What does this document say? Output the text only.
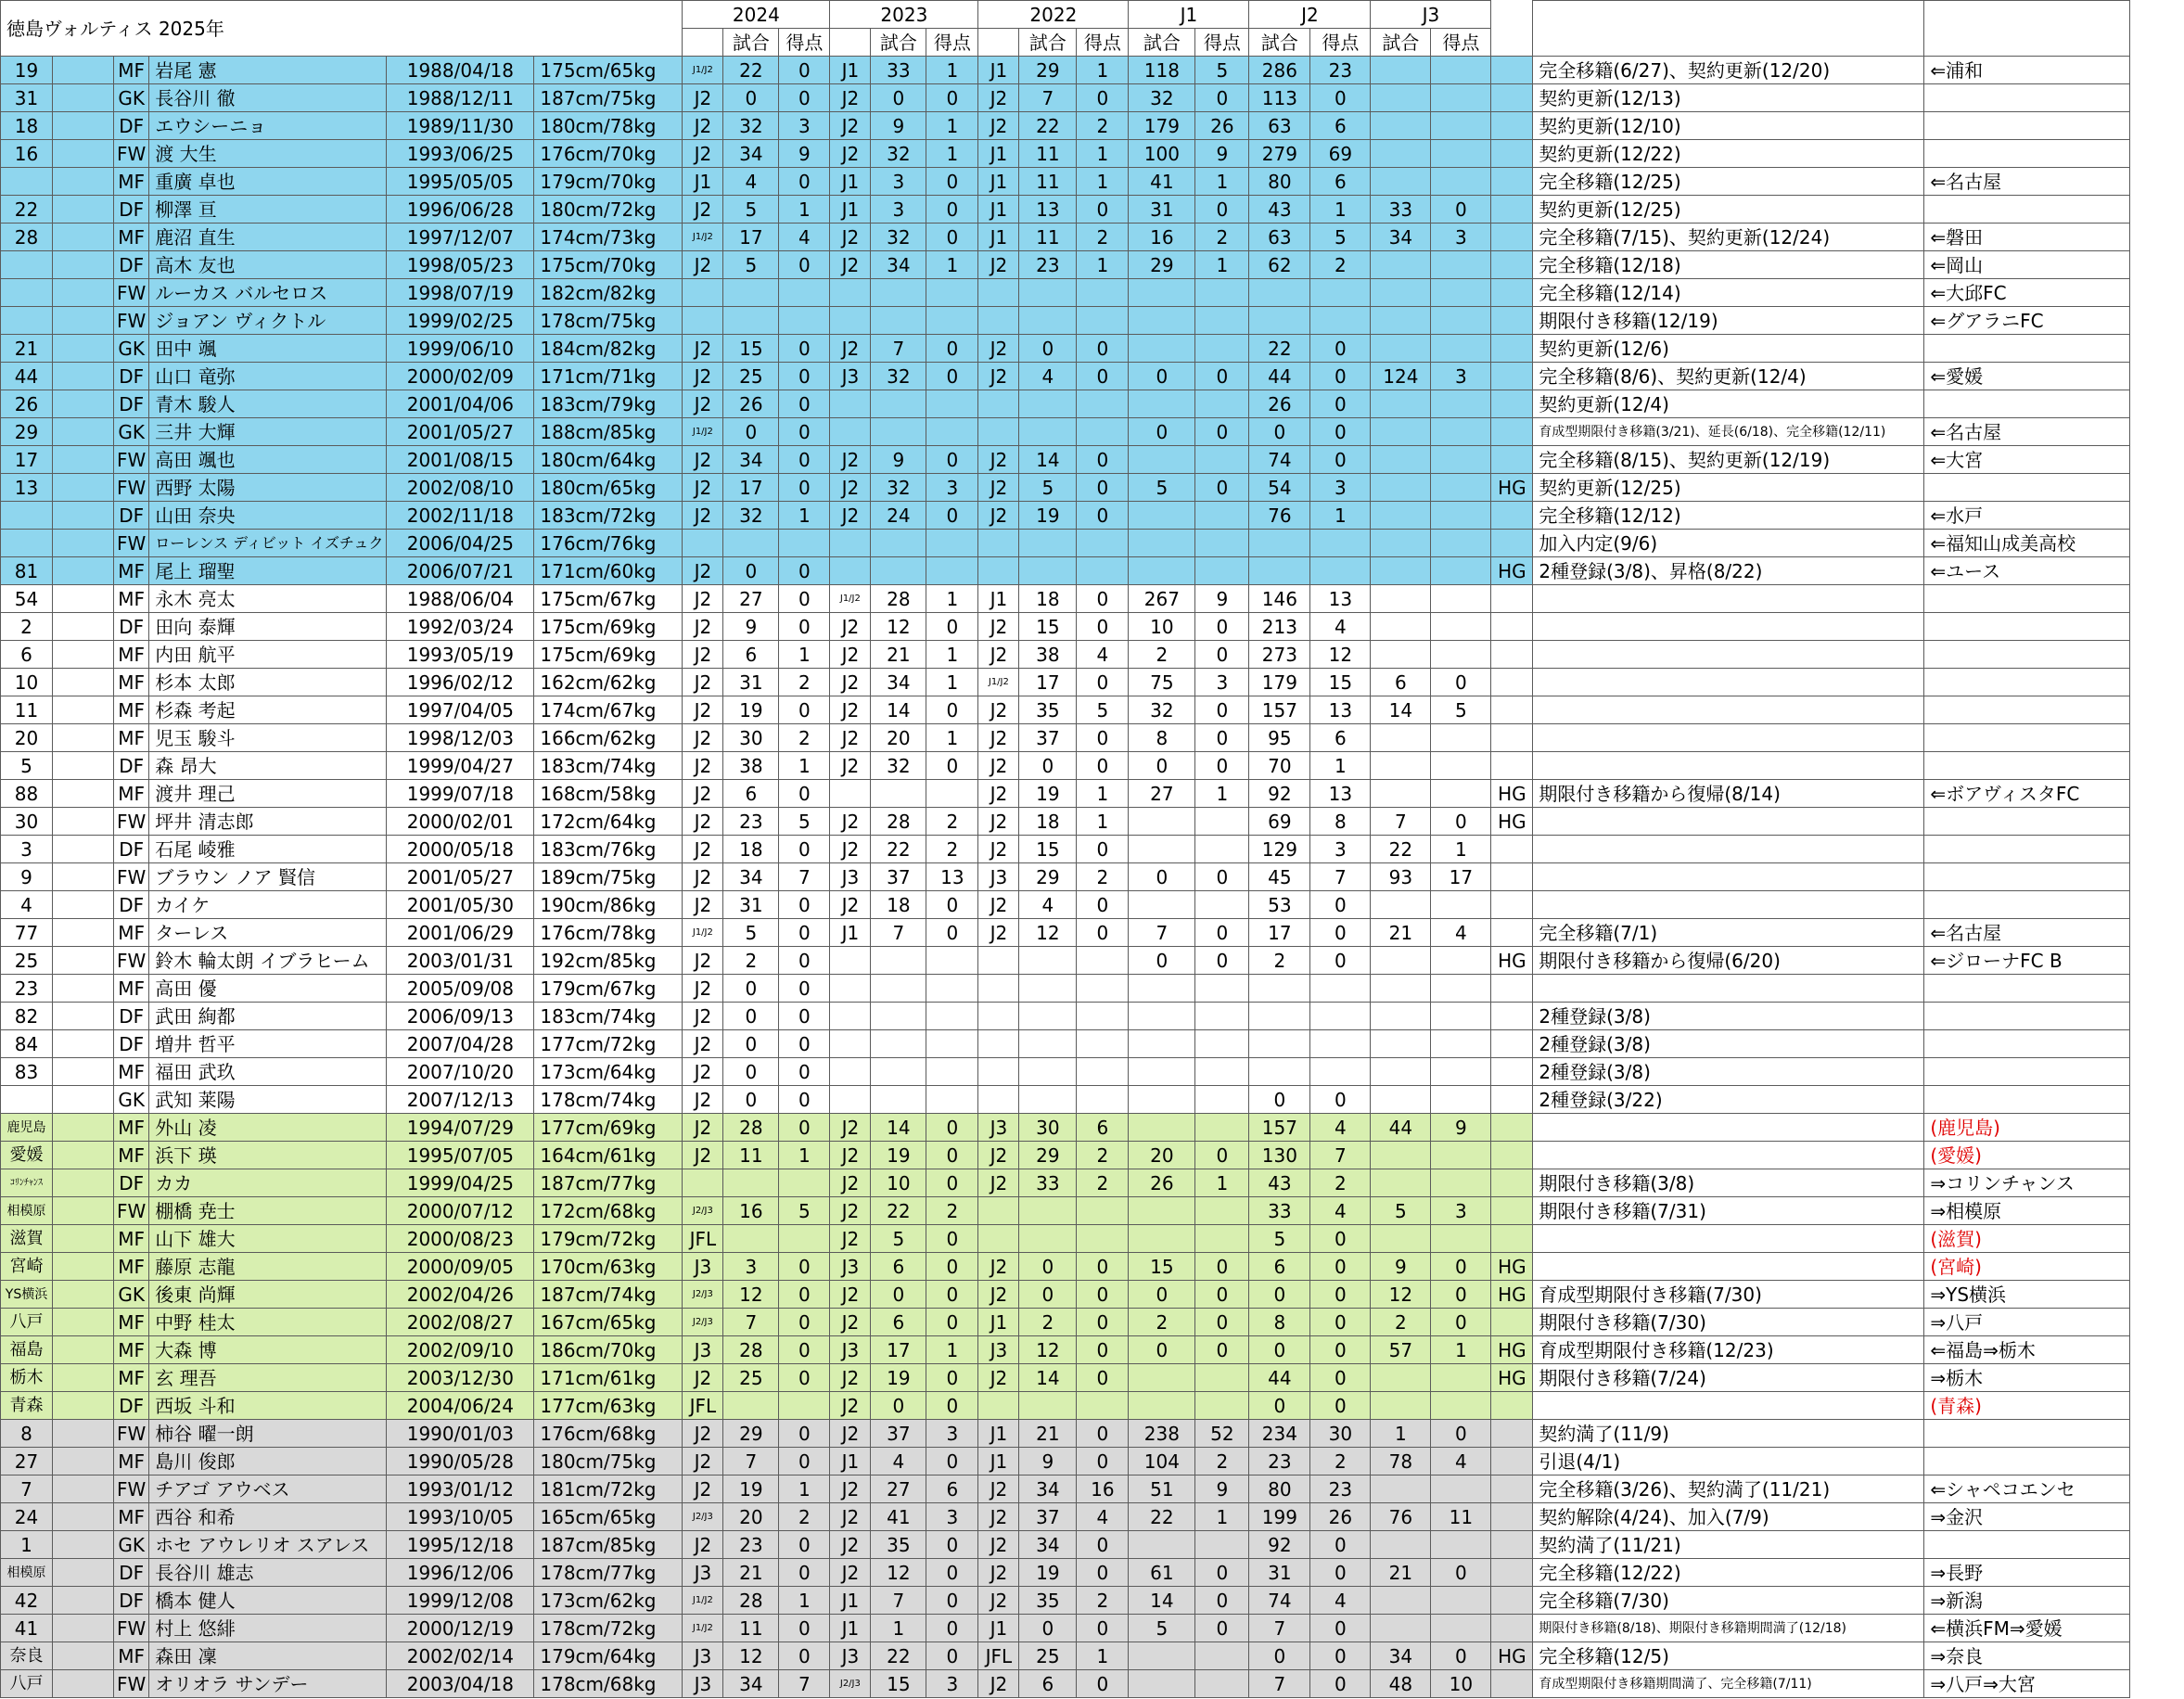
徳島ヴォルティス 2025年						2024			2023			2022			J1		J2		J3				
							試合	得点		試合	得点		試合	得点	試合	得点	試合	得点	試合	得点			
19		MF	岩尾 憲	1988/04/18	175cm/65kg	J1/J2	22	0	J1	33	1	J1	29	1	118	5	286	23				完全移籍(6/27)、契約更新(12/20)	⇐浦和
31		GK	長谷川 徹	1988/12/11	187cm/75kg	J2	0	0	J2	0	0	J2	7	0	32	0	113	0				契約更新(12/13)	
18		DF	エウシーニョ	1989/11/30	180cm/78kg	J2	32	3	J2	9	1	J2	22	2	179	26	63	6				契約更新(12/10)	
16		FW	渡 大生	1993/06/25	176cm/70kg	J2	34	9	J2	32	1	J1	11	1	100	9	279	69				契約更新(12/22)	
		MF	重廣 卓也	1995/05/05	179cm/70kg	J1	4	0	J1	3	0	J1	11	1	41	1	80	6				完全移籍(12/25)	⇐名古屋
22		DF	柳澤 亘	1996/06/28	180cm/72kg	J2	5	1	J1	3	0	J1	13	0	31	0	43	1	33	0		契約更新(12/25)	
28		MF	鹿沼 直生	1997/12/07	174cm/73kg	J1/J2	17	4	J2	32	0	J1	11	2	16	2	63	5	34	3		完全移籍(7/15)、契約更新(12/24)	⇐磐田
		DF	高木 友也	1998/05/23	175cm/70kg	J2	5	0	J2	34	1	J2	23	1	29	1	62	2				完全移籍(12/18)	⇐岡山
		FW	ルーカス バルセロス	1998/07/19	182cm/82kg																	完全移籍(12/14)	⇐大邱FC
		FW	ジョアン ヴィクトル	1999/02/25	178cm/75kg																	期限付き移籍(12/19)	⇐グアラニFC
21		GK	田中 颯	1999/06/10	184cm/82kg	J2	15	0	J2	7	0	J2	0	0			22	0				契約更新(12/6)	
44		DF	山口 竜弥	2000/02/09	171cm/71kg	J2	25	0	J3	32	0	J2	4	0	0	0	44	0	124	3		完全移籍(8/6)、契約更新(12/4)	⇐愛媛
26		DF	青木 駿人	2001/04/06	183cm/79kg	J2	26	0									26	0				契約更新(12/4)	
29		GK	三井 大輝	2001/05/27	188cm/85kg	J1/J2	0	0							0	0	0	0				育成型期限付き移籍(3/21)、延長(6/18)、完全移籍(12/11)	⇐名古屋
17		FW	高田 颯也	2001/08/15	180cm/64kg	J2	34	0	J2	9	0	J2	14	0			74	0				完全移籍(8/15)、契約更新(12/19)	⇐大宮
13		FW	西野 太陽	2002/08/10	180cm/65kg	J2	17	0	J2	32	3	J2	5	0	5	0	54	3			HG	契約更新(12/25)	
		DF	山田 奈央	2002/11/18	183cm/72kg	J2	32	1	J2	24	0	J2	19	0			76	1				完全移籍(12/12)	⇐水戸
		FW	ローレンス ディビット イズチュク	2006/04/25	176cm/76kg																	加入内定(9/6)	⇐福知山成美高校
81		MF	尾上 瑠聖	2006/07/21	171cm/60kg	J2	0	0													HG	2種登録(3/8)、昇格(8/22)	⇐ユース
54		MF	永木 亮太	1988/06/04	175cm/67kg	J2	27	0	J1/J2	28	1	J1	18	0	267	9	146	13					
2		DF	田向 泰輝	1992/03/24	175cm/69kg	J2	9	0	J2	12	0	J2	15	0	10	0	213	4					
6		MF	内田 航平	1993/05/19	175cm/69kg	J2	6	1	J2	21	1	J2	38	4	2	0	273	12					
10		MF	杉本 太郎	1996/02/12	162cm/62kg	J2	31	2	J2	34	1	J1/J2	17	0	75	3	179	15	6	0			
11		MF	杉森 考起	1997/04/05	174cm/67kg	J2	19	0	J2	14	0	J2	35	5	32	0	157	13	14	5			
20		MF	児玉 駿斗	1998/12/03	166cm/62kg	J2	30	2	J2	20	1	J2	37	0	8	0	95	6					
5		DF	森 昂大	1999/04/27	183cm/74kg	J2	38	1	J2	32	0	J2	0	0	0	0	70	1					
88		MF	渡井 理己	1999/07/18	168cm/58kg	J2	6	0				J2	19	1	27	1	92	13			HG	期限付き移籍から復帰(8/14)	⇐ボアヴィスタFC
30		FW	坪井 清志郎	2000/02/01	172cm/64kg	J2	23	5	J2	28	2	J2	18	1			69	8	7	0	HG		
3		DF	石尾 崚雅	2000/05/18	183cm/76kg	J2	18	0	J2	22	2	J2	15	0			129	3	22	1			
9		FW	ブラウン ノア 賢信	2001/05/27	189cm/75kg	J2	34	7	J3	37	13	J3	29	2	0	0	45	7	93	17			
4		DF	カイケ	2001/05/30	190cm/86kg	J2	31	0	J2	18	0	J2	4	0			53	0					
77		MF	ターレス	2001/06/29	176cm/78kg	J1/J2	5	0	J1	7	0	J2	12	0	7	0	17	0	21	4		完全移籍(7/1)	⇐名古屋
25		FW	鈴木 輪太朗 イブラヒーム	2003/01/31	192cm/85kg	J2	2	0							0	0	2	0			HG	期限付き移籍から復帰(6/20)	⇐ジローナFC B
23		MF	高田 優	2005/09/08	179cm/67kg	J2	0	0															
82		DF	武田 絢都	2006/09/13	183cm/74kg	J2	0	0														2種登録(3/8)	
84		DF	増井 哲平	2007/04/28	177cm/72kg	J2	0	0														2種登録(3/8)	
83		MF	福田 武玖	2007/10/20	173cm/64kg	J2	0	0														2種登録(3/8)	
		GK	武知 莱陽	2007/12/13	178cm/74kg	J2	0	0									0	0				2種登録(3/22)	
鹿児島		MF	外山 凌	1994/07/29	177cm/69kg	J2	28	0	J2	14	0	J3	30	6			157	4	44	9			(鹿児島)
愛媛		MF	浜下 瑛	1995/07/05	164cm/61kg	J2	11	1	J2	19	0	J2	29	2	20	0	130	7					(愛媛)
ｺﾘﾝﾁｬﾝｽ		DF	カカ	1999/04/25	187cm/77kg				J2	10	0	J2	33	2	26	1	43	2				期限付き移籍(3/8)	⇒コリンチャンス
相模原		FW	棚橋 尭士	2000/07/12	172cm/68kg	J2/J3	16	5	J2	22	2						33	4	5	3		期限付き移籍(7/31)	⇒相模原
滋賀		MF	山下 雄大	2000/08/23	179cm/72kg	JFL			J2	5	0						5	0					(滋賀)
宮崎		MF	藤原 志龍	2000/09/05	170cm/63kg	J3	3	0	J3	6	0	J2	0	0	15	0	6	0	9	0	HG		(宮崎)
YS横浜		GK	後東 尚輝	2002/04/26	187cm/74kg	J2/J3	12	0	J2	0	0	J2	0	0	0	0	0	0	12	0	HG	育成型期限付き移籍(7/30)	⇒YS横浜
八戸		MF	中野 桂太	2002/08/27	167cm/65kg	J2/J3	7	0	J2	6	0	J1	2	0	2	0	8	0	2	0		期限付き移籍(7/30)	⇒八戸
福島		MF	大森 博	2002/09/10	186cm/70kg	J3	28	0	J3	17	1	J3	12	0	0	0	0	0	57	1	HG	育成型期限付き移籍(12/23)	⇐福島⇒栃木
栃木		MF	玄 理吾	2003/12/30	171cm/61kg	J2	25	0	J2	19	0	J2	14	0			44	0			HG	期限付き移籍(7/24)	⇒栃木
青森		DF	西坂 斗和	2004/06/24	177cm/63kg	JFL			J2	0	0						0	0					(青森)
8		FW	柿谷 曜一朗	1990/01/03	176cm/68kg	J2	29	0	J2	37	3	J1	21	0	238	52	234	30	1	0		契約満了(11/9)	
27		MF	島川 俊郎	1990/05/28	180cm/75kg	J2	7	0	J1	4	0	J1	9	0	104	2	23	2	78	4		引退(4/1)	
7		FW	チアゴ アウベス	1993/01/12	181cm/72kg	J2	19	1	J2	27	6	J2	34	16	51	9	80	23				完全移籍(3/26)、契約満了(11/21)	⇐シャペコエンセ
24		MF	西谷 和希	1993/10/05	165cm/65kg	J2/J3	20	2	J2	41	3	J2	37	4	22	1	199	26	76	11		契約解除(4/24)、加入(7/9)	⇒金沢
1		GK	ホセ アウレリオ スアレス	1995/12/18	187cm/85kg	J2	23	0	J2	35	0	J2	34	0			92	0				契約満了(11/21)	
相模原		DF	長谷川 雄志	1996/12/06	178cm/77kg	J3	21	0	J2	12	0	J2	19	0	61	0	31	0	21	0		完全移籍(12/22)	⇒長野
42		DF	橋本 健人	1999/12/08	173cm/62kg	J1/J2	28	1	J1	7	0	J2	35	2	14	0	74	4				完全移籍(7/30)	⇒新潟
41		FW	村上 悠緋	2000/12/19	178cm/72kg	J1/J2	11	0	J1	1	0	J1	0	0	5	0	7	0				期限付き移籍(8/18)、期限付き移籍期間満了(12/18)	⇐横浜FM⇒愛媛
奈良		MF	森田 凜	2002/02/14	179cm/64kg	J3	12	0	J3	22	0	JFL	25	1			0	0	34	0	HG	完全移籍(12/5)	⇒奈良
八戸		FW	オリオラ サンデー	2003/04/18	178cm/68kg	J3	34	7	J2/J3	15	3	J2	6	0			7	0	48	10		育成型期限付き移籍期間満了、完全移籍(7/11)	⇒八戸⇒大宮
